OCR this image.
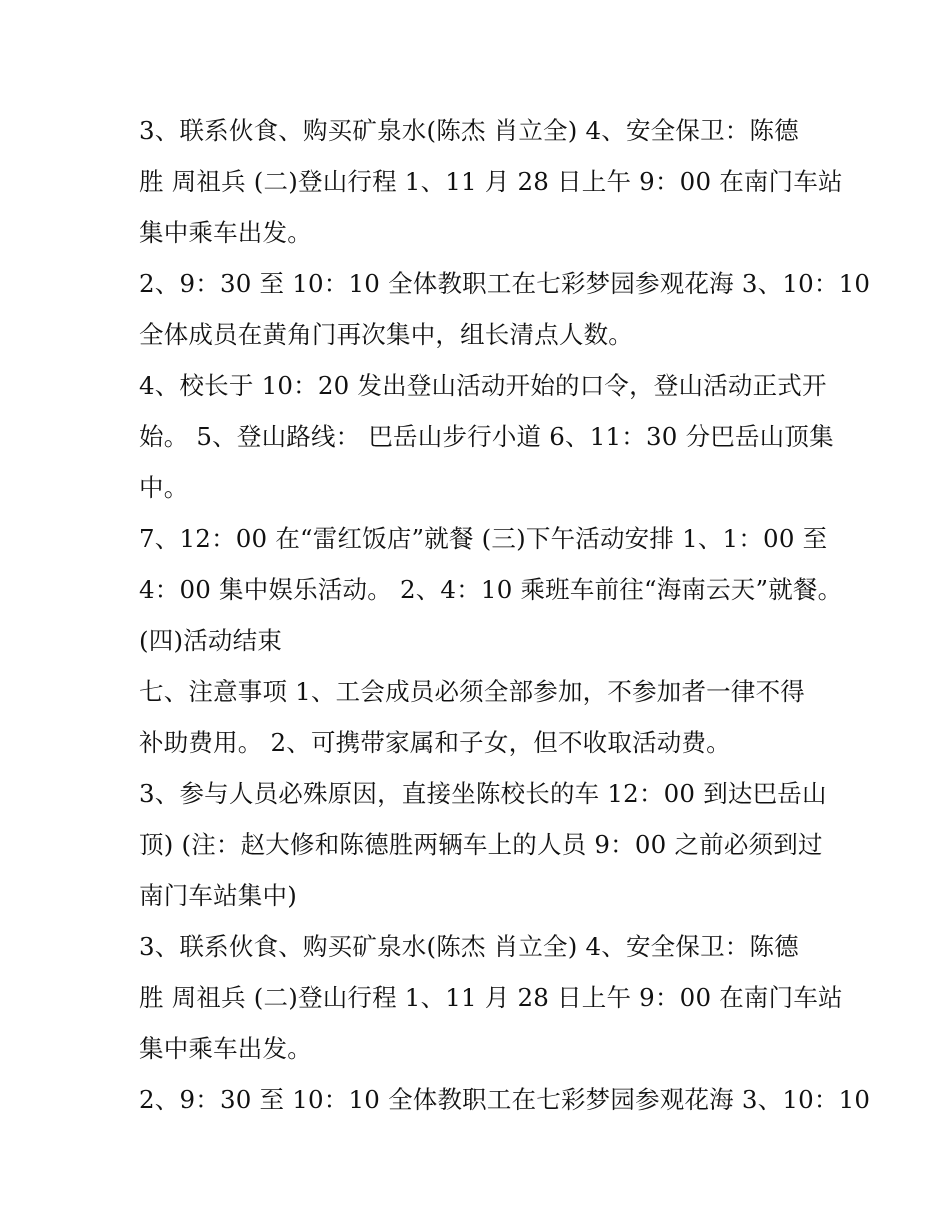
3、联系伙食、购买矿泉水(陈杰 肖立全) 4、安全保卫：陈德
胜 周祖兵 (二)登山行程 1、11 月 28 日上午 9：00 在南门车站
集中乘车出发。
2、9：30 至 10：10 全体教职工在七彩梦园参观花海 3、10：10
全体成员在黄角门再次集中，组长清点人数。
4、校长于 10：20 发出登山活动开始的口令，登山活动正式开
始。 5、登山路线： 巴岳山步行小道 6、11：30 分巴岳山顶集
中。
7、12：00 在“雷红饭店”就餐 (三)下午活动安排 1、1：00 至
4：00 集中娱乐活动。 2、4：10 乘班车前往“海南云天”就餐。
(四)活动结束
七、注意事项 1、工会成员必须全部参加，不参加者一律不得
补助费用。 2、可携带家属和子女，但不收取活动费。
3、参与人员必殊原因，直接坐陈校长的车 12：00 到达巴岳山
顶) (注：赵大修和陈德胜两辆车上的人员 9：00 之前必须到过
南门车站集中)
3、联系伙食、购买矿泉水(陈杰 肖立全) 4、安全保卫：陈德
胜 周祖兵 (二)登山行程 1、11 月 28 日上午 9：00 在南门车站
集中乘车出发。
2、9：30 至 10：10 全体教职工在七彩梦园参观花海 3、10：10
